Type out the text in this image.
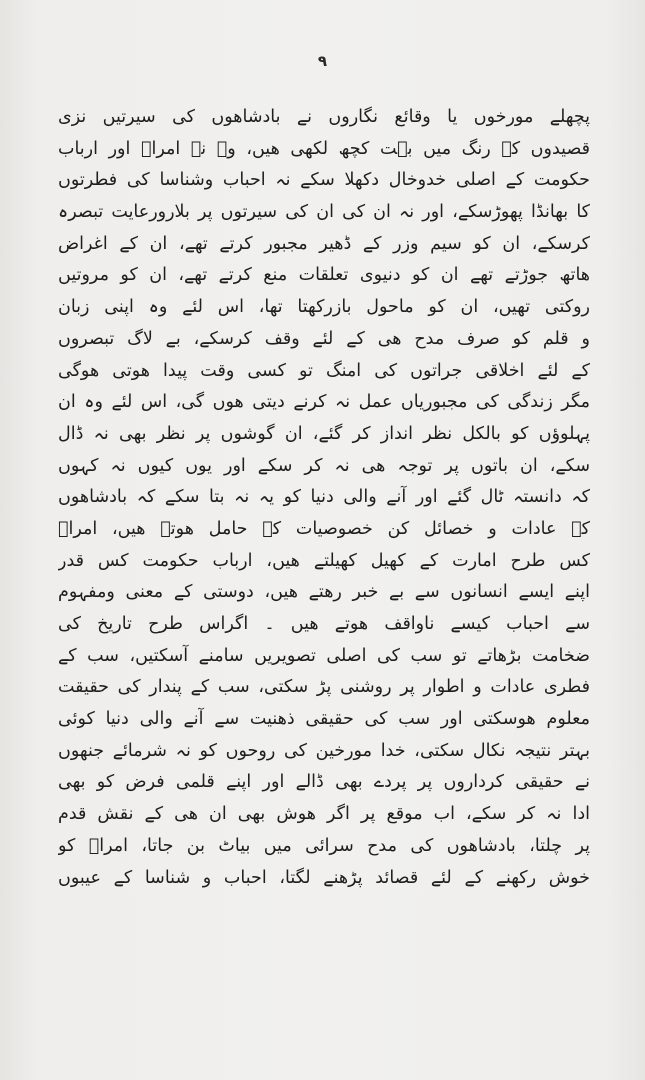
۹
پچھلے مورخوں یا وقائع نگاروں نے بادشاھوں کی سیرتیں نزی
قصیدوں کے رنگ میں بہت کچھ لکھی ھیں، وہ نہ امراؑ اور ارباب
حکومت کے اصلی خدوخال دکھلا سکے نہ احباب وشناسا کی فطرتوں
کا بھانڈا پھوڑسکے، اور نہ ان کی ان کی سیرتوں پر بلارورعایت تبصرہ
کرسکے، ان کو سیم وزر کے ڈھیر مجبور کرتے تھے، ان کے اغراض
ھاتھ جوڑتے تھے ان کو دنیوی تعلقات منع کرتے تھے، ان کو مروتیں
روکتی تھیں، ان کو ماحول بازرکھتا تھا، اس لئے وہ اپنی زبان
و قلم کو صرف مدح ھی کے لئے وقف کرسکے، بے لاگ تبصروں
کے لئے اخلاقی جراتوں کی امنگ تو کسی وقت پیدا ھوتی ھوگی
مگر زندگی کی مجبوریاں عمل نہ کرنے دیتی ھوں گی، اس لئے وہ ان
پہلوؤں کو بالکل نظر انداز کر گئے، ان گوشوں پر نظر بھی نہ ڈال
سکے، ان باتوں پر توجہ ھی نہ کر سکے اور یوں کیوں نہ کہوں
کہ دانستہ ٹال گئے اور آنے والی دنیا کو یہ نہ بتا سکے کہ بادشاھوں
کے عادات و خصائل کن خصوصیات کے حامل ھوتے ھیں، امراؑ
کس طرح امارت کے کھیل کھیلتے ھیں، ارباب حکومت کس قدر
اپنے ایسے انسانوں سے بے خبر رھتے ھیں، دوستی کے معنی ومفہوم
سے احباب کیسے ناواقف ھوتے ھیں ۔ اگراس طرح تاریخ کی
ضخامت بڑھاتے تو سب کی اصلی تصویریں سامنے آسکتیں، سب کے
فطری عادات و اطوار پر روشنی پڑ سکتی، سب کے پندار کی حقیقت
معلوم ھوسکتی اور سب کی حقیقی ذھنیت سے آنے والی دنیا کوئی
بہتر نتیجہ نکال سکتی، خدا مورخین کی روحوں کو نہ شرمائے جنھوں
نے حقیقی کرداروں پر پردے بھی ڈالے اور اپنے قلمی فرض کو بھی
ادا نہ کر سکے، اب موقع پر اگر ھوش بھی ان ھی کے نقش قدم
پر چلتا، بادشاھوں کی مدح سرائی میں بیاٹ بن جاتا، امراؑ کو
خوش رکھنے کے لئے قصائد پڑھنے لگتا، احباب و شناسا کے عیبوں
